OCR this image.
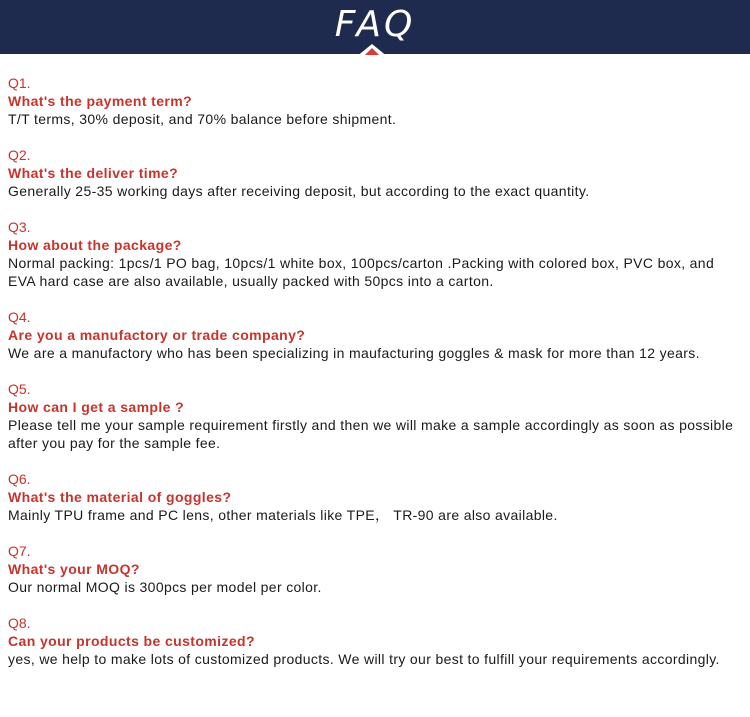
FAQ

Q1.

What's the payment term?

T/T terms, 30% deposit, and 70% balance before shipment.

Q2.

What's the deliver time?

Generally 25-35 working days after receiving deposit, but according to the exact quantity.

Q3.

How about the package?

Normal packing: 1pcs/1 PO bag, 10pcs/1 white box, 100pcs/carton .Packing with colored box, PVC box, and EVA hard case are also available, usually packed with 50pcs into a carton.

Q4.

Are you a manufactory or trade company?

We are a manufactory who has been specializing in maufacturing goggles & mask for more than 12 years.

Q5.

How can I get a sample ?

Please tell me your sample requirement firstly and then we will make a sample accordingly as soon as possible after you pay for the sample fee.

Q6.

What's the material of goggles?

Mainly TPU frame and PC lens, other materials like TPE， TR-90 are also available.

Q7.

What's your MOQ?

Our normal MOQ is 300pcs per model per color.

Q8.

Can your products be customized?

yes, we help to make lots of customized products. We will try our best to fulfill your requirements accordingly.
